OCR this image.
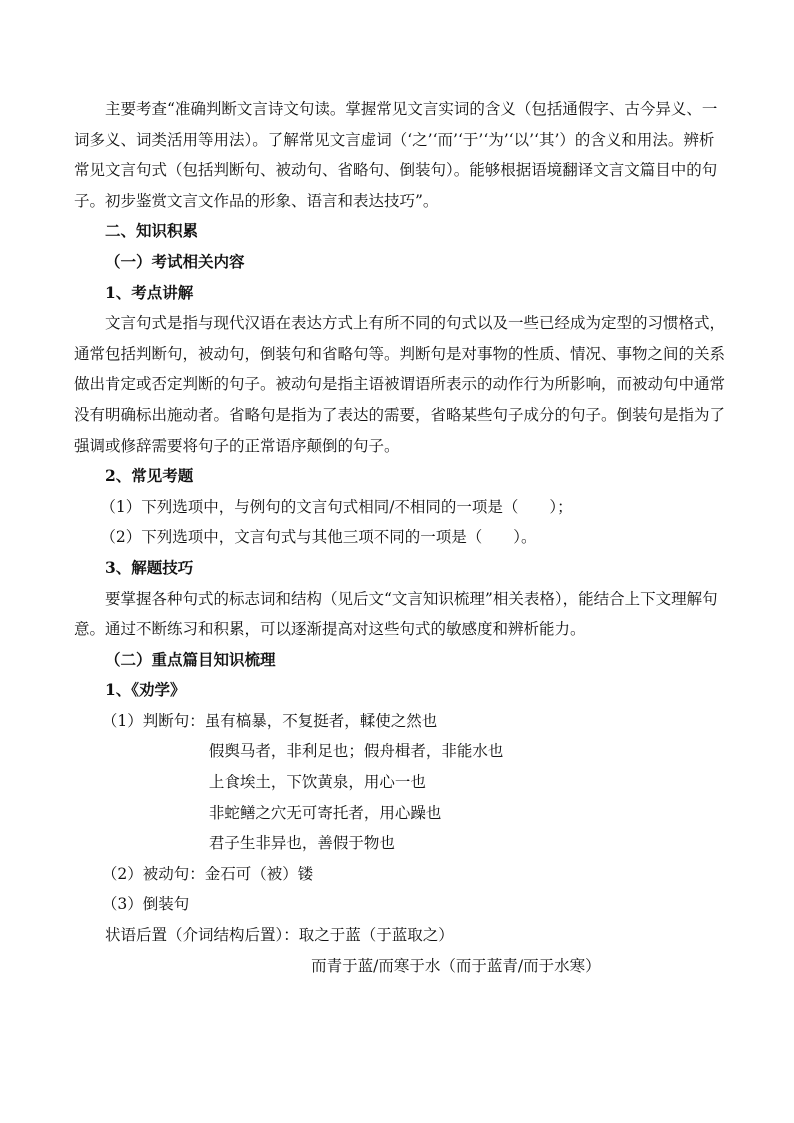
主要考查“准确判断文言诗文句读。掌握常见文言实词的含义（包括通假字、古今异义、一词多义、词类活用等用法）。了解常见文言虚词（‘之’‘而’‘于’‘为’‘以’‘其’）的含义和用法。辨析常见文言句式（包括判断句、被动句、省略句、倒装句）。能够根据语境翻译文言文篇目中的句子。初步鉴赏文言文作品的形象、语言和表达技巧”。

二、知识积累

（一）考试相关内容

1、考点讲解

文言句式是指与现代汉语在表达方式上有所不同的句式以及一些已经成为定型的习惯格式，通常包括判断句，被动句，倒装句和省略句等。判断句是对事物的性质、情况、事物之间的关系做出肯定或否定判断的句子。被动句是指主语被谓语所表示的动作行为所影响，而被动句中通常没有明确标出施动者。省略句是指为了表达的需要，省略某些句子成分的句子。倒装句是指为了强调或修辞需要将句子的正常语序颠倒的句子。

2、常见考题

（1）下列选项中，与例句的文言句式相同/不相同的一项是（　　）；

（2）下列选项中，文言句式与其他三项不同的一项是（　　）。

3、解题技巧

要掌握各种句式的标志词和结构（见后文“文言知识梳理”相关表格），能结合上下文理解句意。通过不断练习和积累，可以逐渐提高对这些句式的敏感度和辨析能力。

（二）重点篇目知识梳理

1、《劝学》

（1）判断句：虽有槁暴，不复挺者，輮使之然也

假舆马者，非利足也；假舟楫者，非能水也

上食埃土，下饮黄泉，用心一也

非蛇鳝之穴无可寄托者，用心躁也

君子生非异也，善假于物也

（2）被动句：金石可（被）镂

（3）倒装句

状语后置（介词结构后置）：取之于蓝（于蓝取之）

而青于蓝/而寒于水（而于蓝青/而于水寒）
